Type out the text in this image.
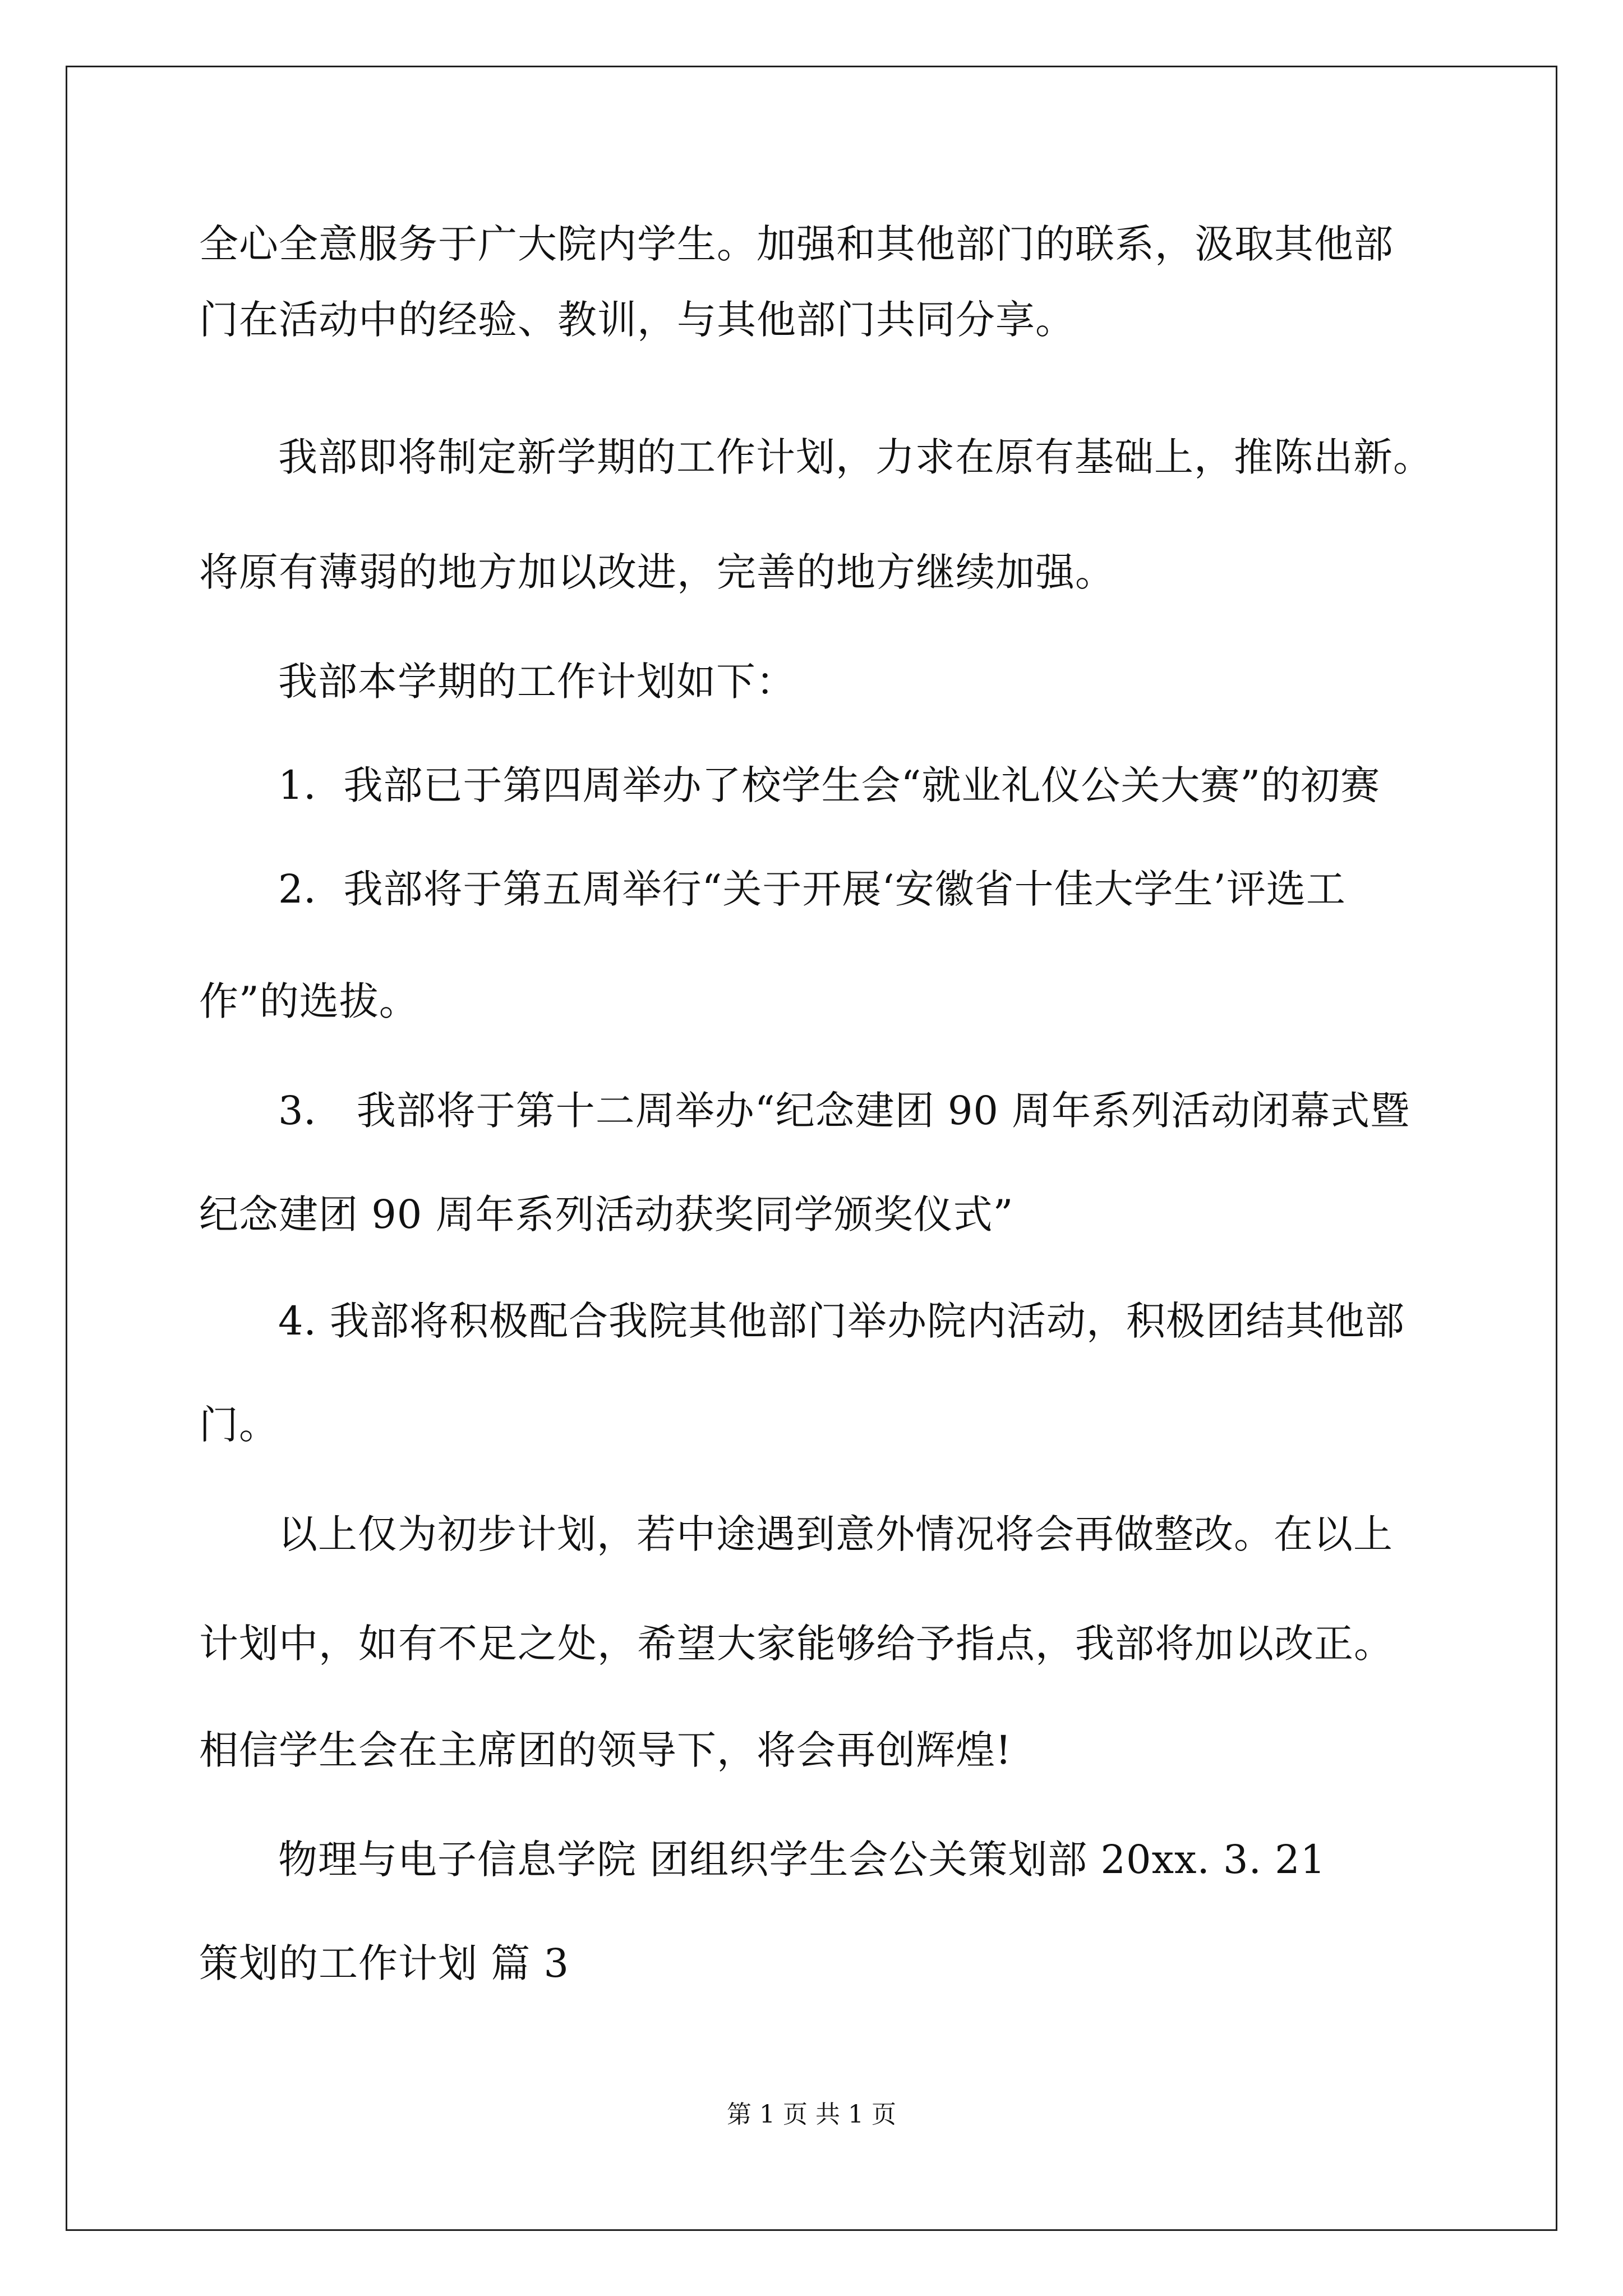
全心全意服务于广大院内学生。加强和其他部门的联系，汲取其他部
门在活动中的经验、教训，与其他部门共同分享。
我部即将制定新学期的工作计划，力求在原有基础上，推陈出新。
将原有薄弱的地方加以改进，完善的地方继续加强。
我部本学期的工作计划如下：
1．我部已于第四周举办了校学生会“就业礼仪公关大赛”的初赛
2．我部将于第五周举行“关于开展‘安徽省十佳大学生’评选工
作”的选拔。
3． 我部将于第十二周举办“纪念建团 90 周年系列活动闭幕式暨
纪念建团 90 周年系列活动获奖同学颁奖仪式”
4. 我部将积极配合我院其他部门举办院内活动，积极团结其他部
门。
以上仅为初步计划，若中途遇到意外情况将会再做整改。在以上
计划中，如有不足之处，希望大家能够给予指点，我部将加以改正。
相信学生会在主席团的领导下，将会再创辉煌!
物理与电子信息学院 团组织学生会公关策划部 20xx. 3. 21
策划的工作计划 篇 3
第 1 页 共 1 页
